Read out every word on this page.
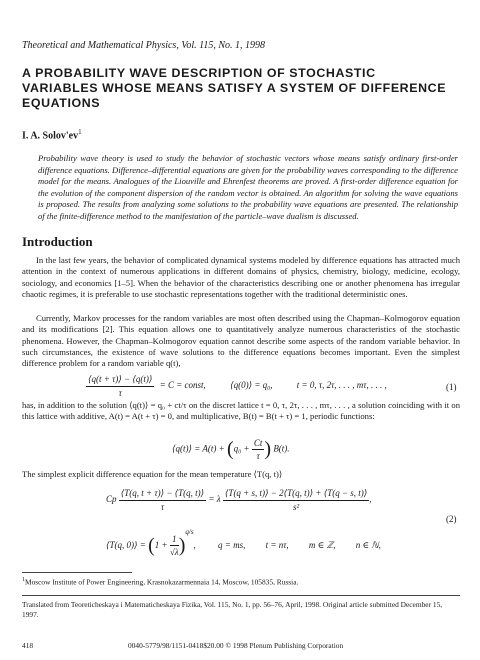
Theoretical and Mathematical Physics, Vol. 115, No. 1, 1998
A PROBABILITY WAVE DESCRIPTION OF STOCHASTIC
VARIABLES WHOSE MEANS SATISFY A SYSTEM OF DIFFERENCE
EQUATIONS
I. A. $Solov'ev^1$
Probability wave theory is used to study the behavior of stochastic vectors whose means satisfy ordinary first-order difference equations. Difference–differential equations are given for the probability waves corresponding to the difference model for the means. Analogues of the Liouville and Ehrenfest theorems are proved. A first-order difference equation for the evolution of the component dispersion of the random vector is obtained. An algorithm for solving the wave equations is proposed. The results from analyzing some solutions to the probability wave equations are presented. The relationship of the finite-difference method to the manifestation of the particle–wave dualism is discussed.
Introduction
In the last few years, the behavior of complicated dynamical systems modeled by difference equations has attracted much attention in the context of numerous applications in different domains of physics, chemistry, biology, medicine, ecology, sociology, and economics [1–5]. When the behavior of the characteristics describing one or another phenomena has irregular chaotic regimes, it is preferable to use stochastic representations together with the traditional deterministic ones.
Currently, Markov processes for the random variables are most often described using the Chapman–Kolmogorov equation and its modifications [2]. This equation allows one to quantitatively analyze numerous characteristics of the stochastic phenomena. However, the Chapman–Kolmogorov equation cannot describe some aspects of the random variable behavior. In such circumstances, the existence of wave solutions to the difference equations becomes important. Even the simplest difference problem for a random variable q(t),
$\frac{⟨q(t + \tau)⟩ - ⟨q(t)⟩}{\tau} = C$ = const,	⟨q(0)⟩ = q₀,	t = 0, τ, 2τ, . . . , mτ, . . . ,	(1)
has, in addition to the solution ⟨q(t)⟩ = q₀ + ct/τ on the discret lattice t = 0, τ, 2τ, . . . , mτ, . . . , a solution coinciding with it on this lattice with additive, A(t) = A(t + τ) = 0, and multiplicative, B(t) = B(t + τ) = 1, periodic functions:
⟨q(t)⟩ = $A(t) + (q_0 + \frac{Ct}{\tau}$ ) B(t).
The simplest explicit difference equation for the mean temperature ⟨T(q, t)⟩
Cp $\frac{⟨T(q, t + \tau)⟩ - ⟨T(q, t)⟩}{\tau} = \lambda \frac{⟨T(q + s, t)⟩ - 2⟨T(q, t)⟩ + ⟨T(q - s, t)⟩}{\text{s²}}$ ,
⟨T(q, 0)⟩ = $(1 + \frac{1}{√\lambda} )^{q/s}$, q = ms, t = nτ, m ∈ ℤ, n ∈ ℕ,
(2)
$^1$Moscow Institute of Power Engineering, Krasnokazarmennaia 14, Moscow, 105835, Russia.
Translated from Teoreticheskaya i Matematicheskaya Fizika, Vol. 115, No. 1, pp. 56–76, April, 1998. Original article submitted December 15, 1997.
418	0040-5779/98/1151-0418$20.00 © 1998 Plenum Publishing Corporation
